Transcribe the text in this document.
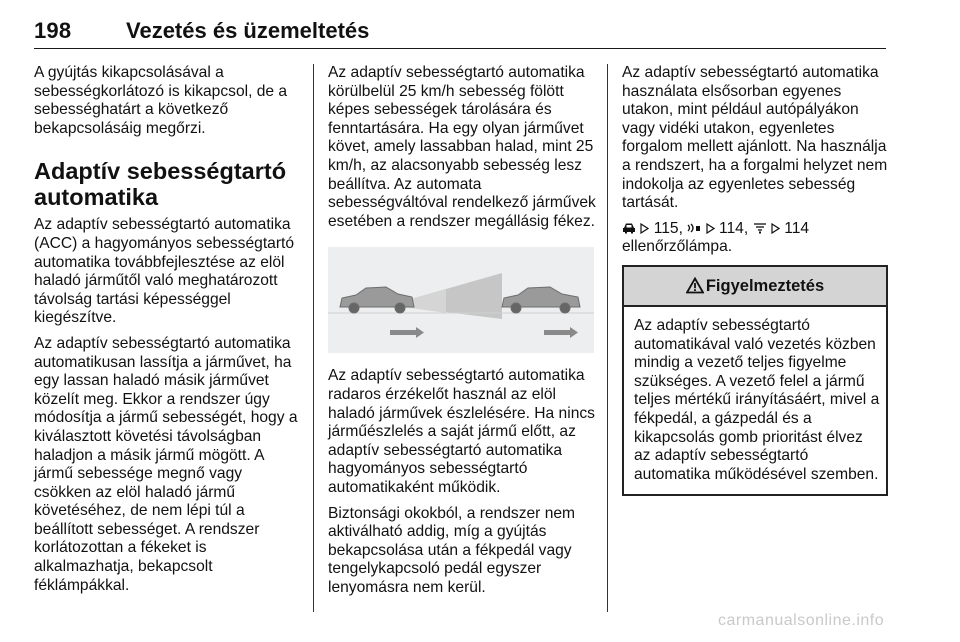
198 Vezetés és üzemeltetés

A gyújtás kikapcsolásával a sebességkorlátozó is kikapcsol, de a sebességhatárt a következő bekapcsolásáig megőrzi.

Adaptív sebességtartó automatika

Az adaptív sebességtartó automatika (ACC) a hagyományos sebességtartó automatika továbbfejlesztése az elöl haladó járműtől való meghatározott távolság tartási képességgel kiegészítve.

Az adaptív sebességtartó automatika automatikusan lassítja a járművet, ha egy lassan haladó másik járművet közelít meg. Ekkor a rendszer úgy módosítja a jármű sebességét, hogy a kiválasztott követési távolságban haladjon a másik jármű mögött. A jármű sebessége megnő vagy csökken az elöl haladó jármű követéséhez, de nem lépi túl a beállított sebességet. A rendszer korlátozottan a fékeket is alkalmazhatja, bekapcsolt féklámpákkal.

Az adaptív sebességtartó automatika körülbelül 25 km/h sebesség fölött képes sebességek tárolására és fenntartására. Ha egy olyan járművet követ, amely lassabban halad, mint 25 km/h, az alacsonyabb sebesség lesz beállítva. Az automata sebességváltóval rendelkező járművek esetében a rendszer megállásig fékez.

Az adaptív sebességtartó automatika radaros érzékelőt használ az elöl haladó járművek észlelésére. Ha nincs járműészlelés a saját jármű előtt, az adaptív sebességtartó automatika hagyományos sebességtartó automatikaként működik.

Biztonsági okokból, a rendszer nem aktiválható addig, míg a gyújtás bekapcsolása után a fékpedál vagy tengelykapcsoló pedál egyszer lenyomásra nem kerül.

Az adaptív sebességtartó automatika használata elsősorban egyenes utakon, mint például autópályákon vagy vidéki utakon, egyenletes forgalom mellett ajánlott. Na használja a rendszert, ha a forgalmi helyzet nem indokolja az egyenletes sebesség tartását.

115, 114, 114

ellenőrzőlámpa.

Figyelmeztetés

Az adaptív sebességtartó automatikával való vezetés közben mindig a vezető teljes figyelme szükséges. A vezető felel a jármű teljes mértékű irányításáért, mivel a fékpedál, a gázpedál és a kikapcsolás gomb prioritást élvez az adaptív sebességtartó automatika működésével szemben.

carmanualsonline.info
